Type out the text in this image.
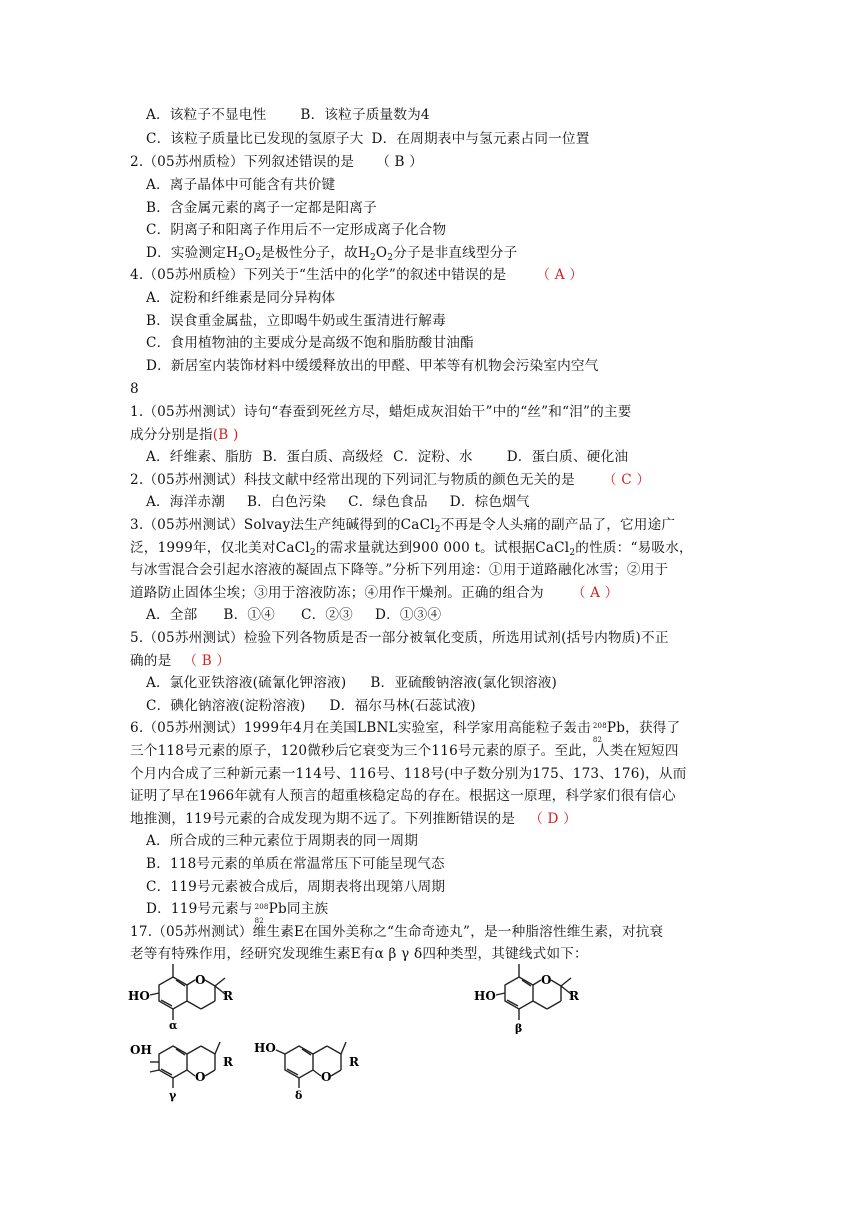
A．该粒子不显电性	B．该粒子质量数为4
C．该粒子质量比已发现的氢原子大 D．在周期表中与氢元素占同一位置
2.（05苏州质检）下列叙述错误的是 （ B ）
A．离子晶体中可能含有共价键
B．含金属元素的离子一定都是阳离子
C．阴离子和阳离子作用后不一定形成离子化合物
D．实验测定$H_2O_2$是极性分子，故$H_2O_2$分子是非直线型分子
4.（05苏州质检）下列关于“生活中的化学”的叙述中错误的是 （ A ）
A．淀粉和纤维素是同分异构体
B．误食重金属盐，立即喝牛奶或生蛋清进行解毒
C．食用植物油的主要成分是高级不饱和脂肪酸甘油酯
D．新居室内装饰材料中缓缓释放出的甲醛、甲苯等有机物会污染室内空气
8
1.（05苏州测试）诗句“春蚕到死丝方尽，蜡炬成灰泪始干”中的“丝”和“泪”的主要
成分分别是指(B )
A．纤维素、脂肪 B．蛋白质、高级烃 C．淀粉、水	D．蛋白质、硬化油
2.（05苏州测试）科技文献中经常出现的下列词汇与物质的颜色无关的是 （ C ）
A．海洋赤潮 B．白色污染 C．绿色食品 D．棕色烟气
3.（05苏州测试）Solvay法生产纯碱得到的CaCl$_2$不再是令人头痛的副产品了，它用途广
泛，1999年，仅北美对CaCl$_2$的需求量就达到900 000 t。试根据CaCl$_2$的性质：“易吸水，
与冰雪混合会引起水溶液的凝固点下降等。”分析下列用途：①用于道路融化冰雪；②用于
道路防止固体尘埃；③用于溶液防冻；④用作干燥剂。正确的组合为 （ A ）
A．全部 B．①④ C．②③ D．①③④
5.（05苏州测试）检验下列各物质是否一部分被氧化变质，所选用试剂(括号内物质)不正
确的是 （ B ）
A．氯化亚铁溶液(硫氰化钾溶液) B．亚硫酸钠溶液(氯化钡溶液)
C．碘化钠溶液(淀粉溶液) D．福尔马林(石蕊试液)
6.（05苏州测试）1999年4月在美国LBNL实验室，科学家用高能粒子轰击 208
82
Pb，获得了
三个118号元素的原子，120微秒后它衰变为三个116号元素的原子。至此，人类在短短四
个月内合成了三种新元素一114号、116号、118号(中子数分别为175、173、176)，从而
证明了早在1966年就有人预言的超重核稳定岛的存在。根据这一原理，科学家们很有信心
地推测，119号元素的合成发现为期不远了。下列推断错误的是 （ D ）
A．所合成的三种元素位于周期表的同一周期
B．118号元素的单质在常温常压下可能呈现气态
C．119号元素被合成后，周期表将出现第八周期
D．119号元素与 208
82
Pb同主族
17.（05苏州测试）维生素E在国外美称之“生命奇迹丸”，是一种脂溶性维生素，对抗衰
老等有特殊作用，经研究发现维生素E有α β γ δ四种类型，其键线式如下：
O
HO	R
α
O
HO	R
β
OH
O
R
γ
HO
O
R
δ
